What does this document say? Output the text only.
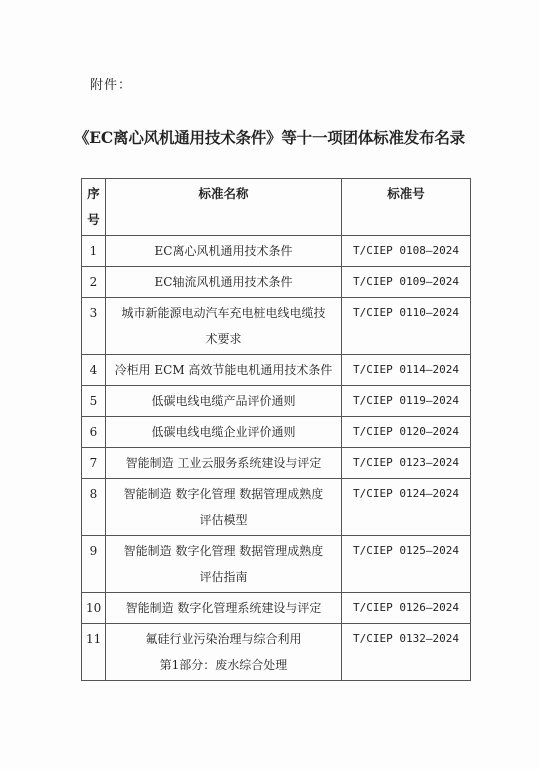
附件：
《EC离心风机通用技术条件》等十一项团体标准发布名录
序
号	标准名称	标准号
1	EC离心风机通用技术条件	T/CIEP 0108—2024
2	EC轴流风机通用技术条件	T/CIEP 0109—2024
3	城市新能源电动汽车充电桩电线电缆技
术要求	T/CIEP 0110—2024
4	冷柜用 ECM 高效节能电机通用技术条件	T/CIEP 0114—2024
5	低碳电线电缆产品评价通则	T/CIEP 0119—2024
6	低碳电线电缆企业评价通则	T/CIEP 0120—2024
7	智能制造 工业云服务系统建设与评定	T/CIEP 0123—2024
8	智能制造 数字化管理 数据管理成熟度
评估模型	T/CIEP 0124—2024
9	智能制造 数字化管理 数据管理成熟度
评估指南	T/CIEP 0125—2024
10	智能制造 数字化管理系统建设与评定	T/CIEP 0126—2024
11	氟硅行业污染治理与综合利用
第1部分：废水综合处理	T/CIEP 0132—2024
